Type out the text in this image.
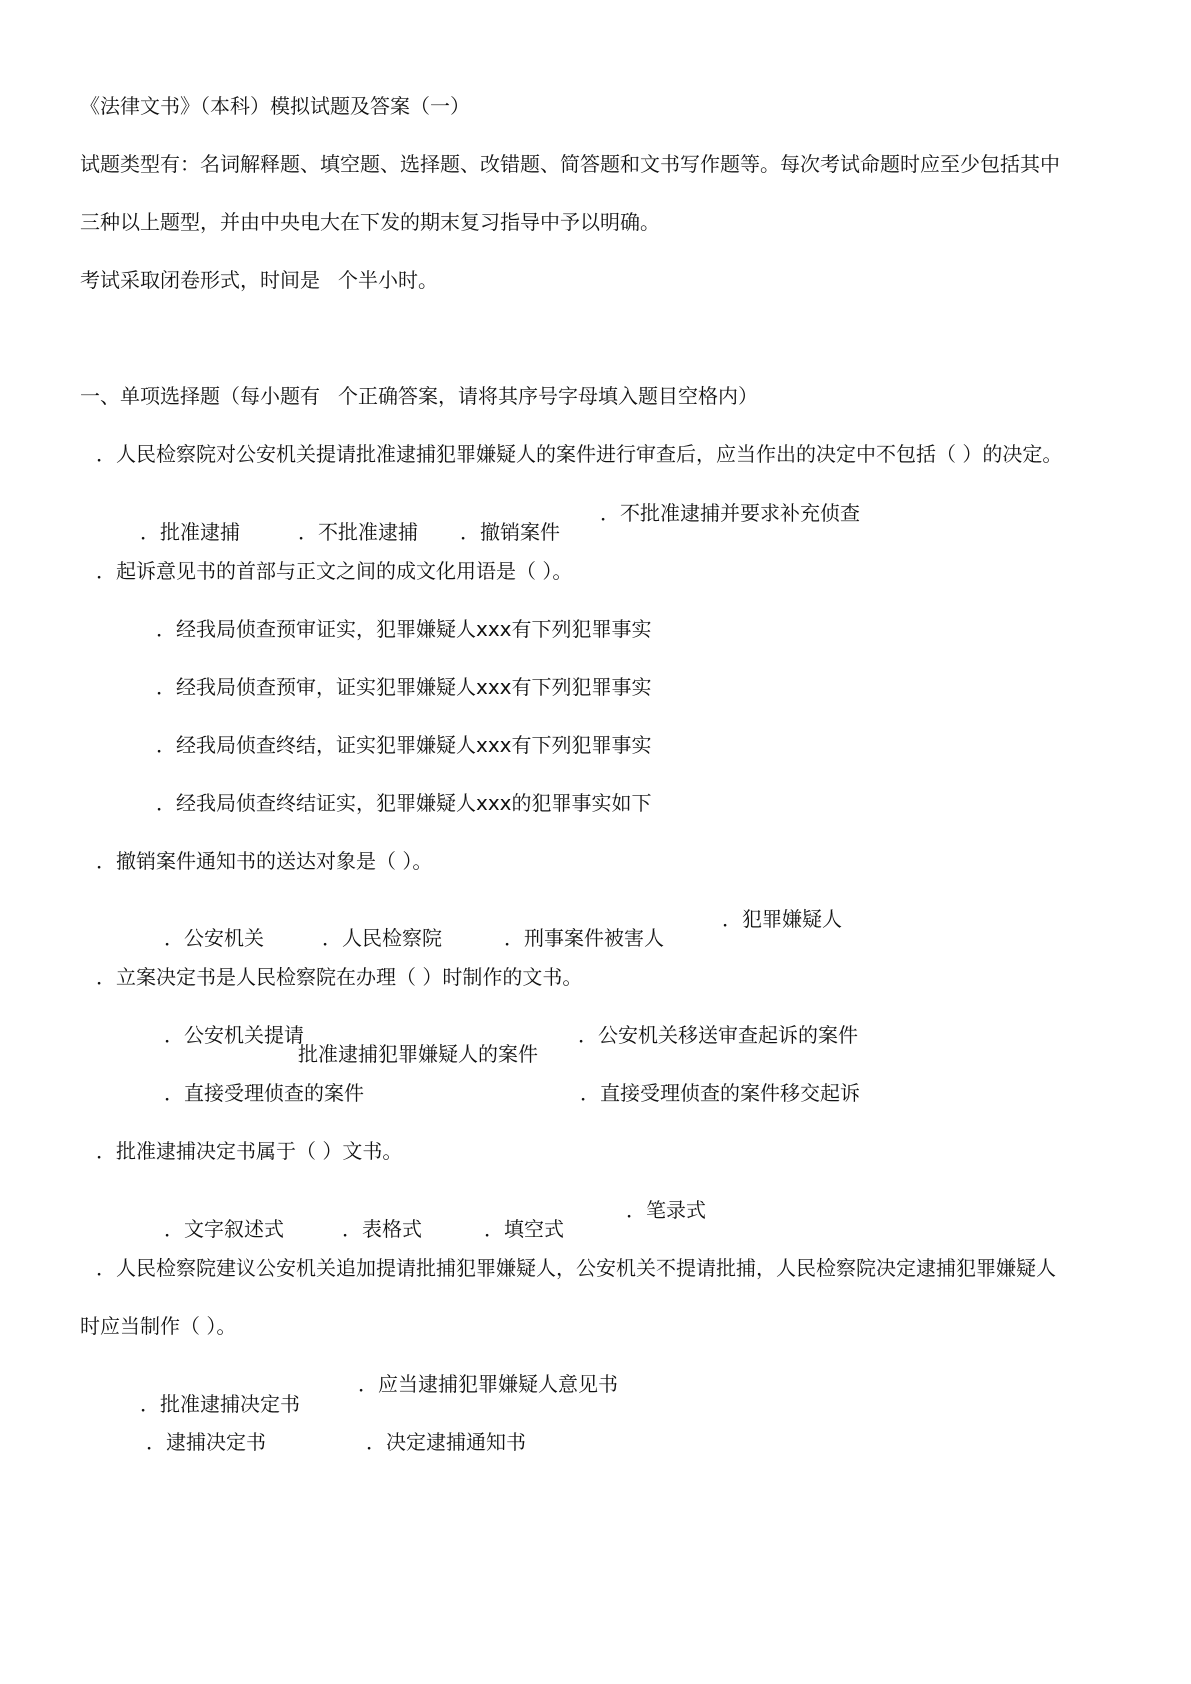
《法律文书》（本科）模拟试题及答案（一）

试题类型有：名词解释题、填空题、选择题、改错题、简答题和文书写作题等。每次考试命题时应至少包括其中

三种以上题型，并由中央电大在下发的期末复习指导中予以明确。

考试采取闭卷形式，时间是 个半小时。

一、单项选择题（每小题有 个正确答案，请将其序号字母填入题目空格内）

．人民检察院对公安机关提请批准逮捕犯罪嫌疑人的案件进行审查后，应当作出的决定中不包括（ ）的决定。

．批准逮捕	．不批准逮捕 ．撤销案件

．不批准逮捕并要求补充侦查

．起诉意见书的首部与正文之间的成文化用语是（ ）。

．经我局侦查预审证实，犯罪嫌疑人xxx有下列犯罪事实

．经我局侦查预审，证实犯罪嫌疑人xxx有下列犯罪事实

．经我局侦查终结，证实犯罪嫌疑人xxx有下列犯罪事实

．经我局侦查终结证实，犯罪嫌疑人xxx的犯罪事实如下

．撤销案件通知书的送达对象是（ ）。

．公安机关	．人民检察院	．刑事案件被害人

．犯罪嫌疑人

．立案决定书是人民检察院在办理（ ）时制作的文书。

．公安机关提请

批准逮捕犯罪嫌疑人的案件

．公安机关移送审查起诉的案件

．直接受理侦查的案件	．直接受理侦查的案件移交起诉

．批准逮捕决定书属于（ ）文书。

．文字叙述式	．表格式	．填空式

．笔录式

．人民检察院建议公安机关追加提请批捕犯罪嫌疑人，公安机关不提请批捕，人民检察院决定逮捕犯罪嫌疑人

时应当制作（ ）。

．批准逮捕决定书

．应当逮捕犯罪嫌疑人意见书

．逮捕决定书	．决定逮捕通知书
